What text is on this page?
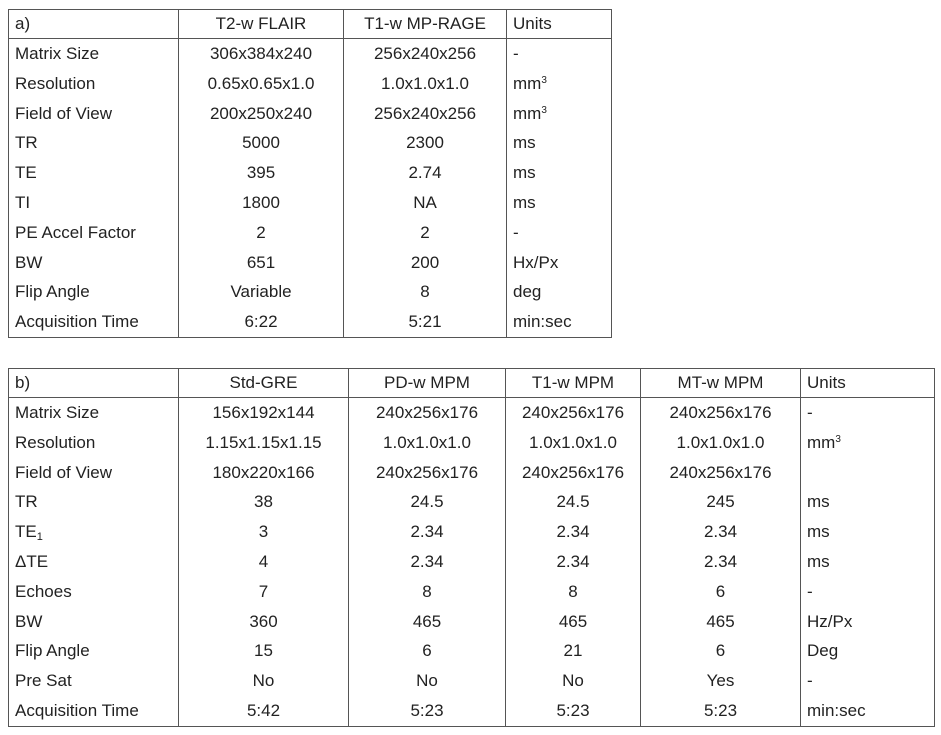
a)	T2-w FLAIR	T1-w MP-RAGE	Units
Matrix Size	306x384x240	256x240x256	-
Resolution	0.65x0.65x1.0	1.0x1.0x1.0	$mm^3$
Field of View	200x250x240	256x240x256	$mm^3$
TR	5000	2300	ms
TE	395	2.74	ms
TI	1800	NA	ms
PE Accel Factor	2	2	-
BW	651	200	Hx/Px
Flip Angle	Variable	8	deg
Acquisition Time	6:22	5:21	min:sec
b)	Std-GRE	PD-w MPM	T1-w MPM	MT-w MPM	Units
Matrix Size	156x192x144	240x256x176	240x256x176	240x256x176	-
Resolution	1.15x1.15x1.15	1.0x1.0x1.0	1.0x1.0x1.0	1.0x1.0x1.0	$mm^3$
Field of View	180x220x166	240x256x176	240x256x176	240x256x176	
TR	38	24.5	24.5	245	ms
$TE_1$	3	2.34	2.34	2.34	ms
ΔTE	4	2.34	2.34	2.34	ms
Echoes	7	8	8	6	-
BW	360	465	465	465	Hz/Px
Flip Angle	15	6	21	6	Deg
Pre Sat	No	No	No	Yes	-
Acquisition Time	5:42	5:23	5:23	5:23	min:sec
